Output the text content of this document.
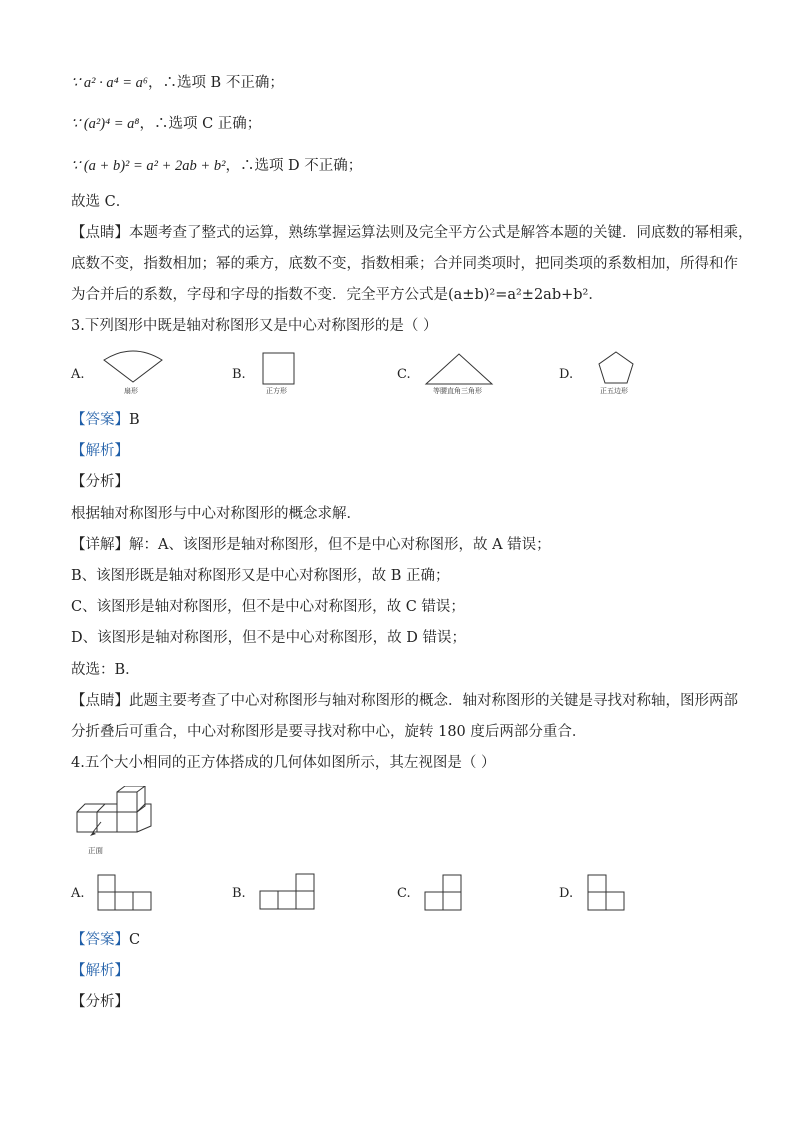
∵ a² · a⁴ = a⁶，∴选项 B 不正确；
∵ (a²)⁴ = a⁸，∴选项 C 正确；
∵ (a + b)² = a² + 2ab + b²，∴选项 D 不正确；
故选 C．
【点睛】本题考查了整式的运算，熟练掌握运算法则及完全平方公式是解答本题的关键．同底数的幂相乘，
底数不变，指数相加；幂的乘方，底数不变，指数相乘；合并同类项时，把同类项的系数相加，所得和作
为合并后的系数，字母和字母的指数不变．完全平方公式是(a±b)²=a²±2ab+b²．
3.下列图形中既是轴对称图形又是中心对称图形的是（ ）
A.
扇形
B.
正方形
C.
等腰直角三角形
D.
正五边形
【答案】B
【解析】
【分析】
根据轴对称图形与中心对称图形的概念求解．
【详解】解：A、该图形是轴对称图形，但不是中心对称图形，故 A 错误；
B、该图形既是轴对称图形又是中心对称图形，故 B 正确；
C、该图形是轴对称图形，但不是中心对称图形，故 C 错误；
D、该图形是轴对称图形，但不是中心对称图形，故 D 错误；
故选：B．
【点睛】此题主要考查了中心对称图形与轴对称图形的概念．轴对称图形的关键是寻找对称轴，图形两部
分折叠后可重合，中心对称图形是要寻找对称中心，旋转 180 度后两部分重合．
4.五个大小相同的正方体搭成的几何体如图所示，其左视图是（ ）
正面
A.	B.	C.	D.
【答案】C
【解析】
【分析】
